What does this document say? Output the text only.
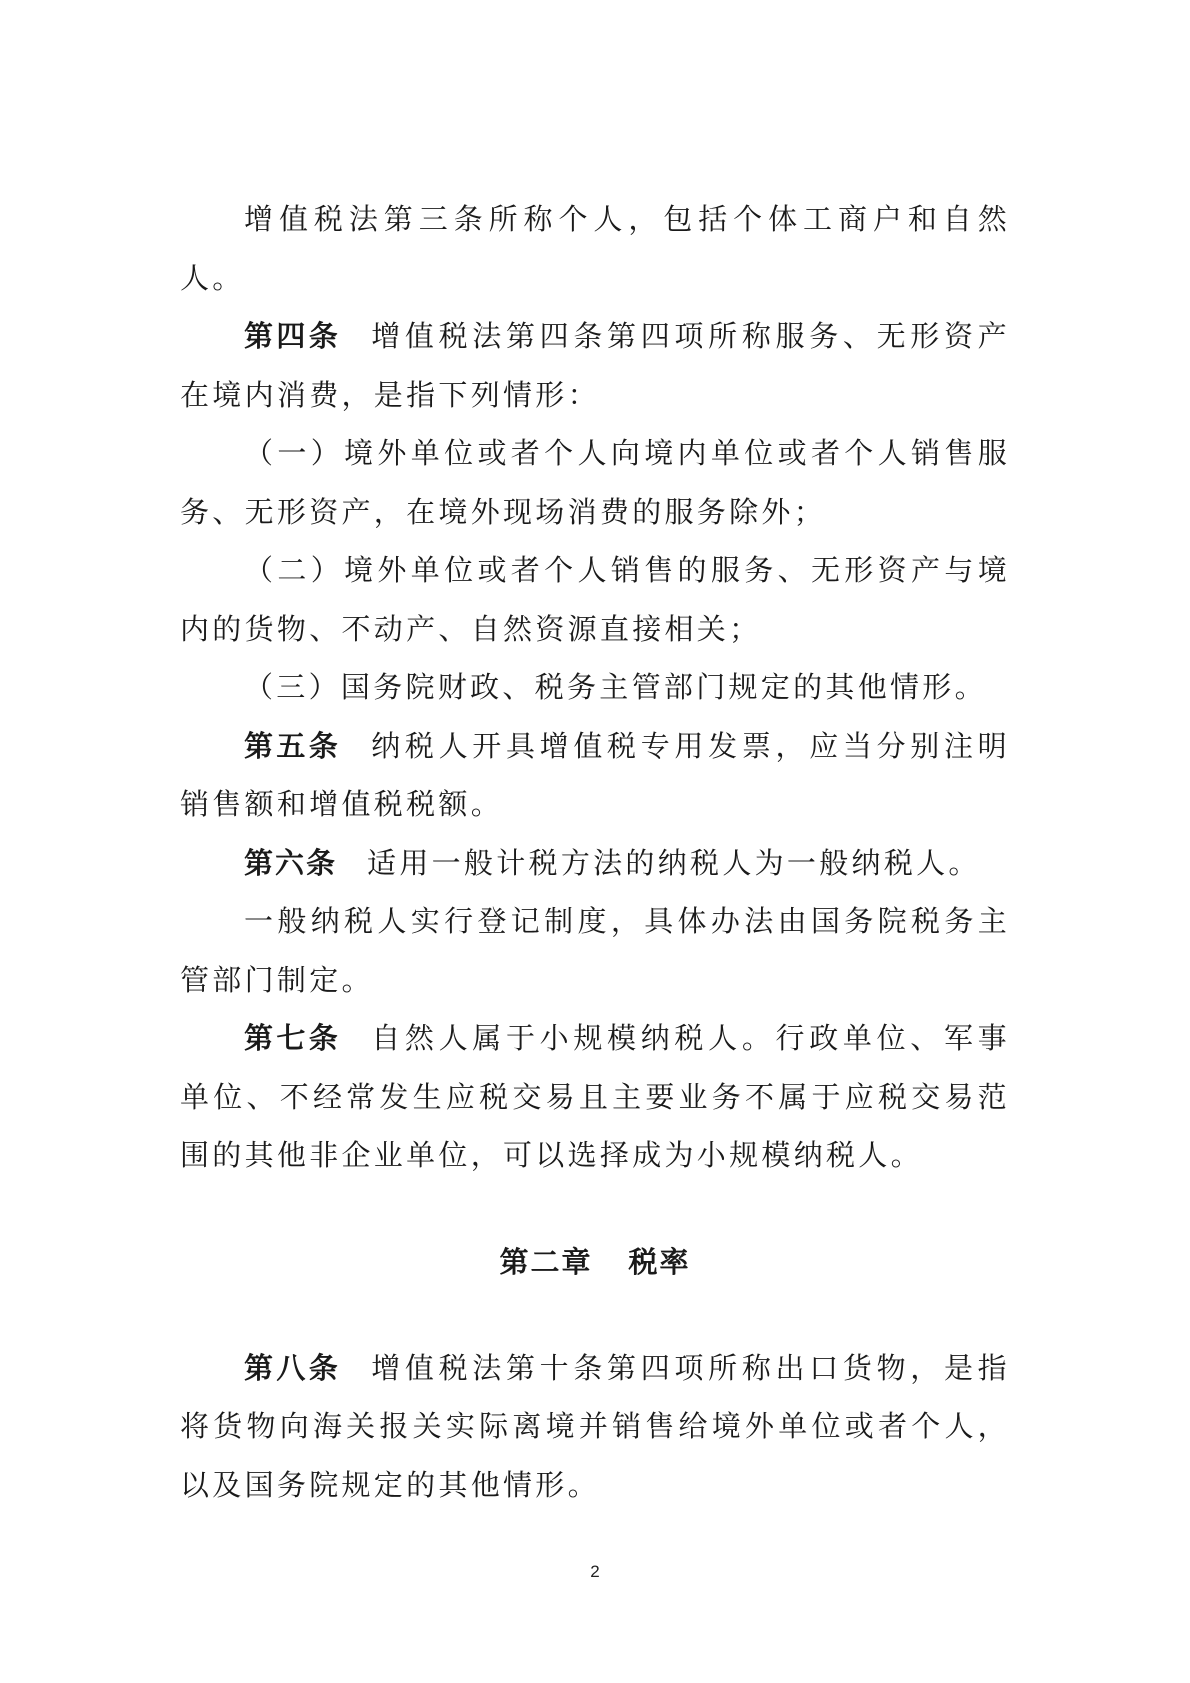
增值税法第三条所称个人，包括个体工商户和自然人。

第四条 增值税法第四条第四项所称服务、无形资产在境内消费，是指下列情形：

（一）境外单位或者个人向境内单位或者个人销售服务、无形资产，在境外现场消费的服务除外；

（二）境外单位或者个人销售的服务、无形资产与境内的货物、不动产、自然资源直接相关；

（三）国务院财政、税务主管部门规定的其他情形。

第五条 纳税人开具增值税专用发票，应当分别注明销售额和增值税税额。

第六条 适用一般计税方法的纳税人为一般纳税人。

一般纳税人实行登记制度，具体办法由国务院税务主管部门制定。

第七条 自然人属于小规模纳税人。行政单位、军事单位、不经常发生应税交易且主要业务不属于应税交易范围的其他非企业单位，可以选择成为小规模纳税人。

第二章 税率

第八条 增值税法第十条第四项所称出口货物，是指将货物向海关报关实际离境并销售给境外单位或者个人，以及国务院规定的其他情形。

2
